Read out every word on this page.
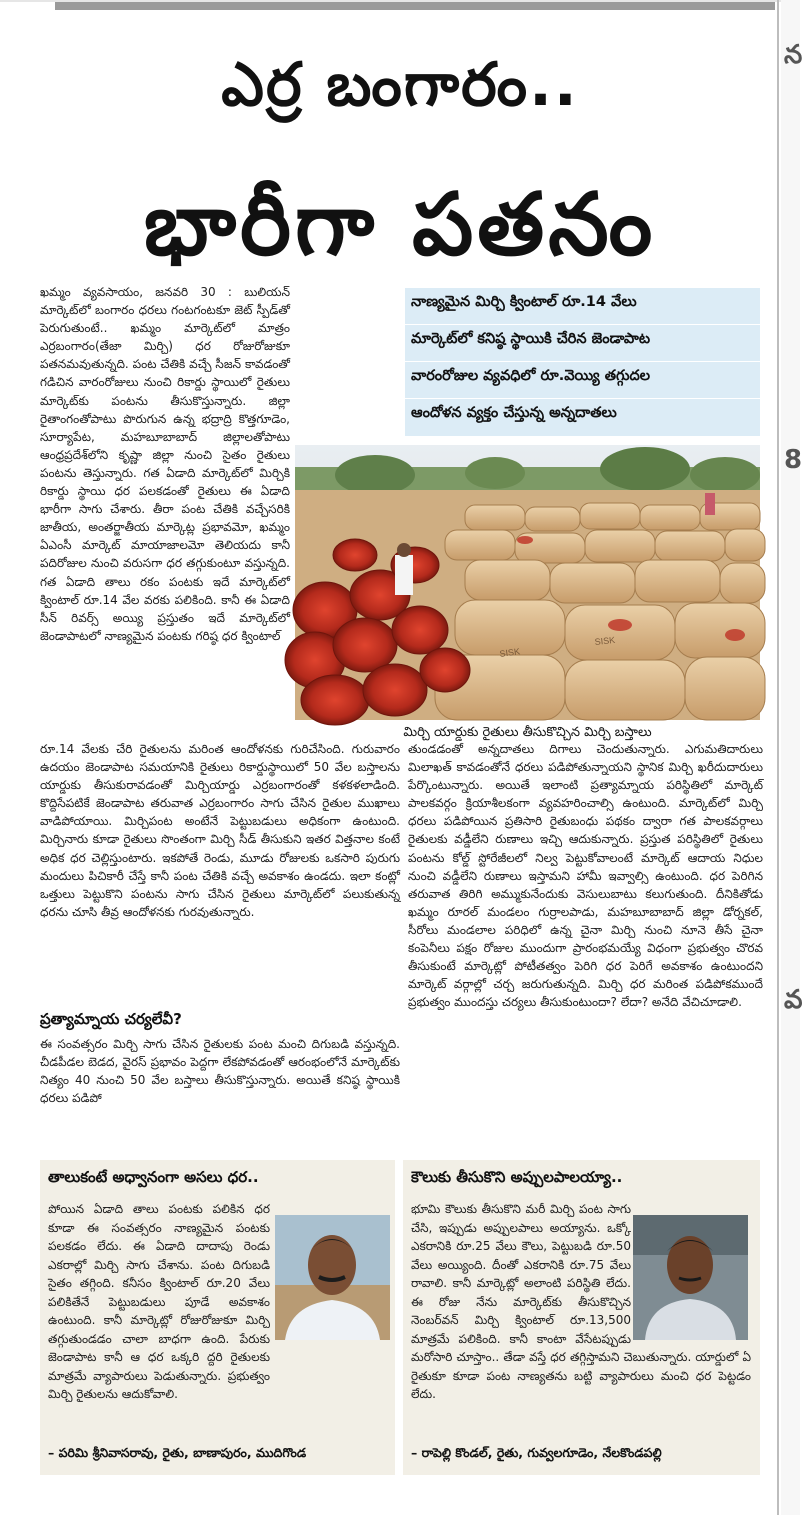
న
8
వ
ఎర్ర బంగారం..
భారీగా పతనం
ఖమ్మం వ్యవసాయం, జనవరి 30 : బులియన్ మార్కెట్‌లో బంగారం ధరలు గంటగంటకూ జెట్ స్పీడ్‌తో పెరుగుతుంటే.. ఖమ్మం మార్కెట్‌లో మాత్రం ఎర్రబంగారం(తేజా మిర్చి) ధర రోజురోజుకూ పతనమవుతున్నది. పంట చేతికి వచ్చే సీజన్ కావడంతో గడిచిన వారంరోజులు నుంచి రికార్డు స్థాయిలో రైతులు మార్కెట్‌కు పంటను తీసుకొస్తున్నారు. జిల్లా రైతాంగంతోపాటు పొరుగున ఉన్న భద్రాద్రి కొత్తగూడెం, సూర్యాపేట, మహబూబాబాద్ జిల్లాలతోపాటు ఆంధ్రప్రదేశ్‌లోని కృష్ణా జిల్లా నుంచి సైతం రైతులు పంటను తెస్తున్నారు. గత ఏడాది మార్కెట్‌లో మిర్చికి రికార్డు స్థాయి ధర పలకడంతో రైతులు ఈ ఏడాది భారీగా సాగు చేశారు. తీరా పంట చేతికి వచ్చేసరికి జాతీయ, అంతర్జాతీయ మార్కెట్ల ప్రభావమో, ఖమ్మం ఏఎంసీ మార్కెట్ మాయాజాలమో తెలియదు కానీ పదిరోజుల నుంచి వరుసగా ధర తగ్గుకుంటూ వస్తున్నది. గత ఏడాది తాలు రకం పంటకు ఇదే మార్కెట్‌లో క్వింటాల్ రూ.14 వేల వరకు పలికింది. కానీ ఈ ఏడాది సీన్ రివర్స్ అయ్యి ప్రస్తుతం ఇదే మార్కెట్‌లో జెండాపాటలో నాణ్యమైన పంటకు గరిష్ఠ ధర క్వింటాల్
నాణ్యమైన మిర్చి క్వింటాల్ రూ.14 వేలు
మార్కెట్‌లో కనిష్ఠ స్థాయికి చేరిన జెండాపాట
వారంరోజుల వ్యవధిలో రూ.వెయ్యి తగ్గుదల
ఆందోళన వ్యక్తం చేస్తున్న అన్నదాతలు
SISK
SISK
మిర్చి యార్డుకు రైతులు తీసుకొచ్చిన మిర్చి బస్తాలు
రూ.14 వేలకు చేరి రైతులను మరింత ఆందోళనకు గురిచేసింది. గురువారం ఉదయం జెండాపాట సమయానికి రైతులు రికార్డుస్థాయిలో 50 వేల బస్తాలను యార్డుకు తీసుకురావడంతో మిర్చియార్డు ఎర్రబంగారంతో కళకళలాడింది. కొద్దిసేపటికే జెండాపాట తరువాత ఎర్రబంగారం సాగు చేసిన రైతుల ముఖాలు వాడిపోయాయి. మిర్చిపంట అంటేనే పెట్టుబడులు అధికంగా ఉంటుంది. మిర్చినారు కూడా రైతులు సొంతంగా మిర్చి సీడ్ తీసుకుని ఇతర విత్తనాల కంటే అధిక ధర చెల్లిస్తుంటారు. ఇకపోతే రెండు, మూడు రోజులకు ఒకసారి పురుగు మందులు పిచికారీ చేస్తే కానీ పంట చేతికి వచ్చే అవకాశం ఉండదు. ఇలా కంట్లో ఒత్తులు పెట్టుకొని పంటను సాగు చేసిన రైతులు మార్కెట్‌లో పలుకుతున్న ధరను చూసి తీవ్ర ఆందోళనకు గురవుతున్నారు.
ప్రత్యామ్నాయ చర్యలేవీ?
ఈ సంవత్సరం మిర్చి సాగు చేసిన రైతులకు పంట మంచి దిగుబడి వస్తున్నది. చీడపీడల బెడద, వైరస్ ప్రభావం పెద్దగా లేకపోవడంతో ఆరంభంలోనే మార్కెట్‌కు నిత్యం 40 నుంచి 50 వేల బస్తాలు తీసుకొస్తున్నారు. అయితే కనిష్ఠ స్థాయికి ధరలు పడిపో
తుండడంతో అన్నదాతలు దిగాలు చెందుతున్నారు. ఎగుమతిదారులు మిలాఖత్ కావడంతోనే ధరలు పడిపోతున్నాయని స్థానిక మిర్చి ఖరీదుదారులు పేర్కొంటున్నారు. అయితే ఇలాంటి ప్రత్యామ్నాయ పరిస్థితిలో మార్కెట్ పాలకవర్గం క్రియాశీలకంగా వ్యవహరించాల్సి ఉంటుంది. మార్కెట్‌లో మిర్చి ధరలు పడిపోయిన ప్రతిసారి రైతుబంధు పథకం ద్వారా గత పాలకవర్గాలు రైతులకు వడ్డీలేని రుణాలు ఇచ్చి ఆదుకున్నారు. ప్రస్తుత పరిస్థితిలో రైతులు పంటను కోల్డ్ స్టోరేజీలలో నిల్వ పెట్టుకోవాలంటే మార్కెట్ ఆదాయ నిధుల నుంచి వడ్డీలేని రుణాలు ఇస్తామని హామీ ఇవ్వాల్సి ఉంటుంది. ధర పెరిగిన తరువాత తిరిగి అమ్ముకునేందుకు వెసులుబాటు కలుగుతుంది. దీనికితోడు ఖమ్మం రూరల్ మండలం గుర్రాలపాడు, మహబూబాబాద్ జిల్లా డోర్నకల్, సీరోలు మండలాల పరిధిలో ఉన్న చైనా మిర్చి నుంచి నూనె తీసే చైనా కంపెనీలు పక్షం రోజుల ముందుగా ప్రారంభమయ్యే విధంగా ప్రభుత్వం చొరవ తీసుకుంటే మార్కెట్లో పోటీతత్వం పెరిగి ధర పెరిగే అవకాశం ఉంటుందని మార్కెట్ వర్గాల్లో చర్చ జరుగుతున్నది. మిర్చి ధర మరింత పడిపోకముందే ప్రభుత్వం ముందస్తు చర్యలు తీసుకుంటుందా? లేదా? అనేది వేచిచూడాలి.
తాలుకంటే అధ్వానంగా అసలు ధర..
పోయిన ఏడాది తాలు పంటకు పలికిన ధర కూడా ఈ సంవత్సరం నాణ్యమైన పంటకు పలకడం లేదు. ఈ ఏడాది దాదాపు రెండు ఎకరాల్లో మిర్చి సాగు చేశాను. పంట దిగుబడి సైతం తగ్గింది. కనీసం క్వింటాల్ రూ.20 వేలు పలికితేనే పెట్టుబడులు పూడే అవకాశం ఉంటుంది. కానీ మార్కెట్లో రోజురోజుకూ మిర్చి తగ్గుతుండడం చాలా బాధగా ఉంది. పేరుకు జెండాపాట కానీ ఆ ధర ఒక్కరి ద్దరి రైతులకు మాత్రమే వ్యాపారులు పెడుతున్నారు. ప్రభుత్వం మిర్చి రైతులను ఆదుకోవాలి.
– పరిమి శ్రీనివాసరావు, రైతు, బాణాపురం, ముదిగొండ
కౌలుకు తీసుకొని అప్పులపాలయ్యా..
భూమి కౌలుకు తీసుకొని మరీ మిర్చి పంట సాగు చేసి, ఇప్పుడు అప్పులపాలు అయ్యాను. ఒక్కో ఎకరానికి రూ.25 వేలు కౌలు, పెట్టుబడి రూ.50 వేలు అయ్యింది. దీంతో ఎకరానికి రూ.75 వేలు రావాలి. కానీ మార్కెట్లో అలాంటి పరిస్థితి లేదు. ఈ రోజు నేను మార్కెట్‌కు తీసుకొచ్చిన నెంబర్‌వన్ మిర్చి క్వింటాల్ రూ.13,500 మాత్రమే పలికింది. కానీ కాంటా వేసేటప్పుడు మరోసారి చూస్తాం.. తేడా వస్తే ధర తగ్గిస్తామని చెబుతున్నారు. యార్డులో ఏ రైతుకూ కూడా పంట నాణ్యతను బట్టి వ్యాపారులు మంచి ధర పెట్టడం లేదు.
– రాపెల్లి కొండల్, రైతు, గువ్వలగూడెం, నేలకొండపల్లి
